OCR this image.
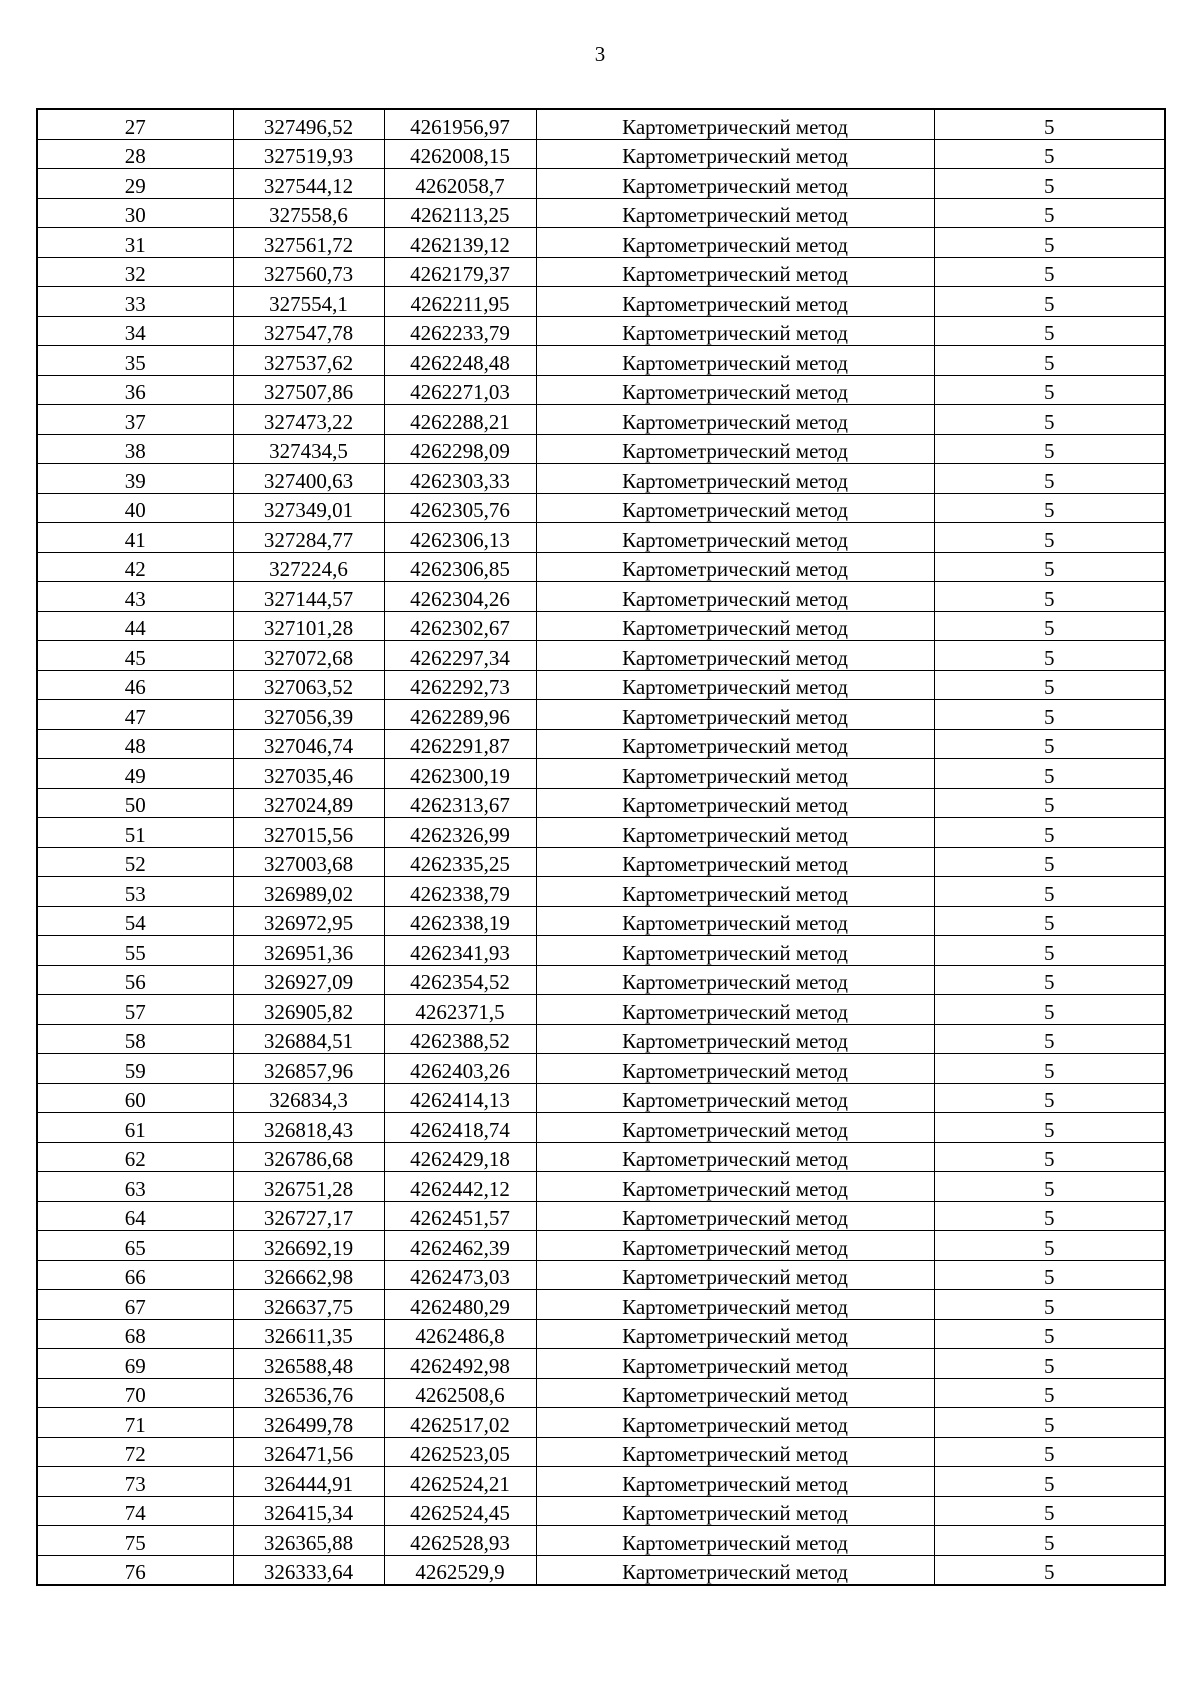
3
27	327496,52	4261956,97	Картометрический метод	5
28	327519,93	4262008,15	Картометрический метод	5
29	327544,12	4262058,7	Картометрический метод	5
30	327558,6	4262113,25	Картометрический метод	5
31	327561,72	4262139,12	Картометрический метод	5
32	327560,73	4262179,37	Картометрический метод	5
33	327554,1	4262211,95	Картометрический метод	5
34	327547,78	4262233,79	Картометрический метод	5
35	327537,62	4262248,48	Картометрический метод	5
36	327507,86	4262271,03	Картометрический метод	5
37	327473,22	4262288,21	Картометрический метод	5
38	327434,5	4262298,09	Картометрический метод	5
39	327400,63	4262303,33	Картометрический метод	5
40	327349,01	4262305,76	Картометрический метод	5
41	327284,77	4262306,13	Картометрический метод	5
42	327224,6	4262306,85	Картометрический метод	5
43	327144,57	4262304,26	Картометрический метод	5
44	327101,28	4262302,67	Картометрический метод	5
45	327072,68	4262297,34	Картометрический метод	5
46	327063,52	4262292,73	Картометрический метод	5
47	327056,39	4262289,96	Картометрический метод	5
48	327046,74	4262291,87	Картометрический метод	5
49	327035,46	4262300,19	Картометрический метод	5
50	327024,89	4262313,67	Картометрический метод	5
51	327015,56	4262326,99	Картометрический метод	5
52	327003,68	4262335,25	Картометрический метод	5
53	326989,02	4262338,79	Картометрический метод	5
54	326972,95	4262338,19	Картометрический метод	5
55	326951,36	4262341,93	Картометрический метод	5
56	326927,09	4262354,52	Картометрический метод	5
57	326905,82	4262371,5	Картометрический метод	5
58	326884,51	4262388,52	Картометрический метод	5
59	326857,96	4262403,26	Картометрический метод	5
60	326834,3	4262414,13	Картометрический метод	5
61	326818,43	4262418,74	Картометрический метод	5
62	326786,68	4262429,18	Картометрический метод	5
63	326751,28	4262442,12	Картометрический метод	5
64	326727,17	4262451,57	Картометрический метод	5
65	326692,19	4262462,39	Картометрический метод	5
66	326662,98	4262473,03	Картометрический метод	5
67	326637,75	4262480,29	Картометрический метод	5
68	326611,35	4262486,8	Картометрический метод	5
69	326588,48	4262492,98	Картометрический метод	5
70	326536,76	4262508,6	Картометрический метод	5
71	326499,78	4262517,02	Картометрический метод	5
72	326471,56	4262523,05	Картометрический метод	5
73	326444,91	4262524,21	Картометрический метод	5
74	326415,34	4262524,45	Картометрический метод	5
75	326365,88	4262528,93	Картометрический метод	5
76	326333,64	4262529,9	Картометрический метод	5
